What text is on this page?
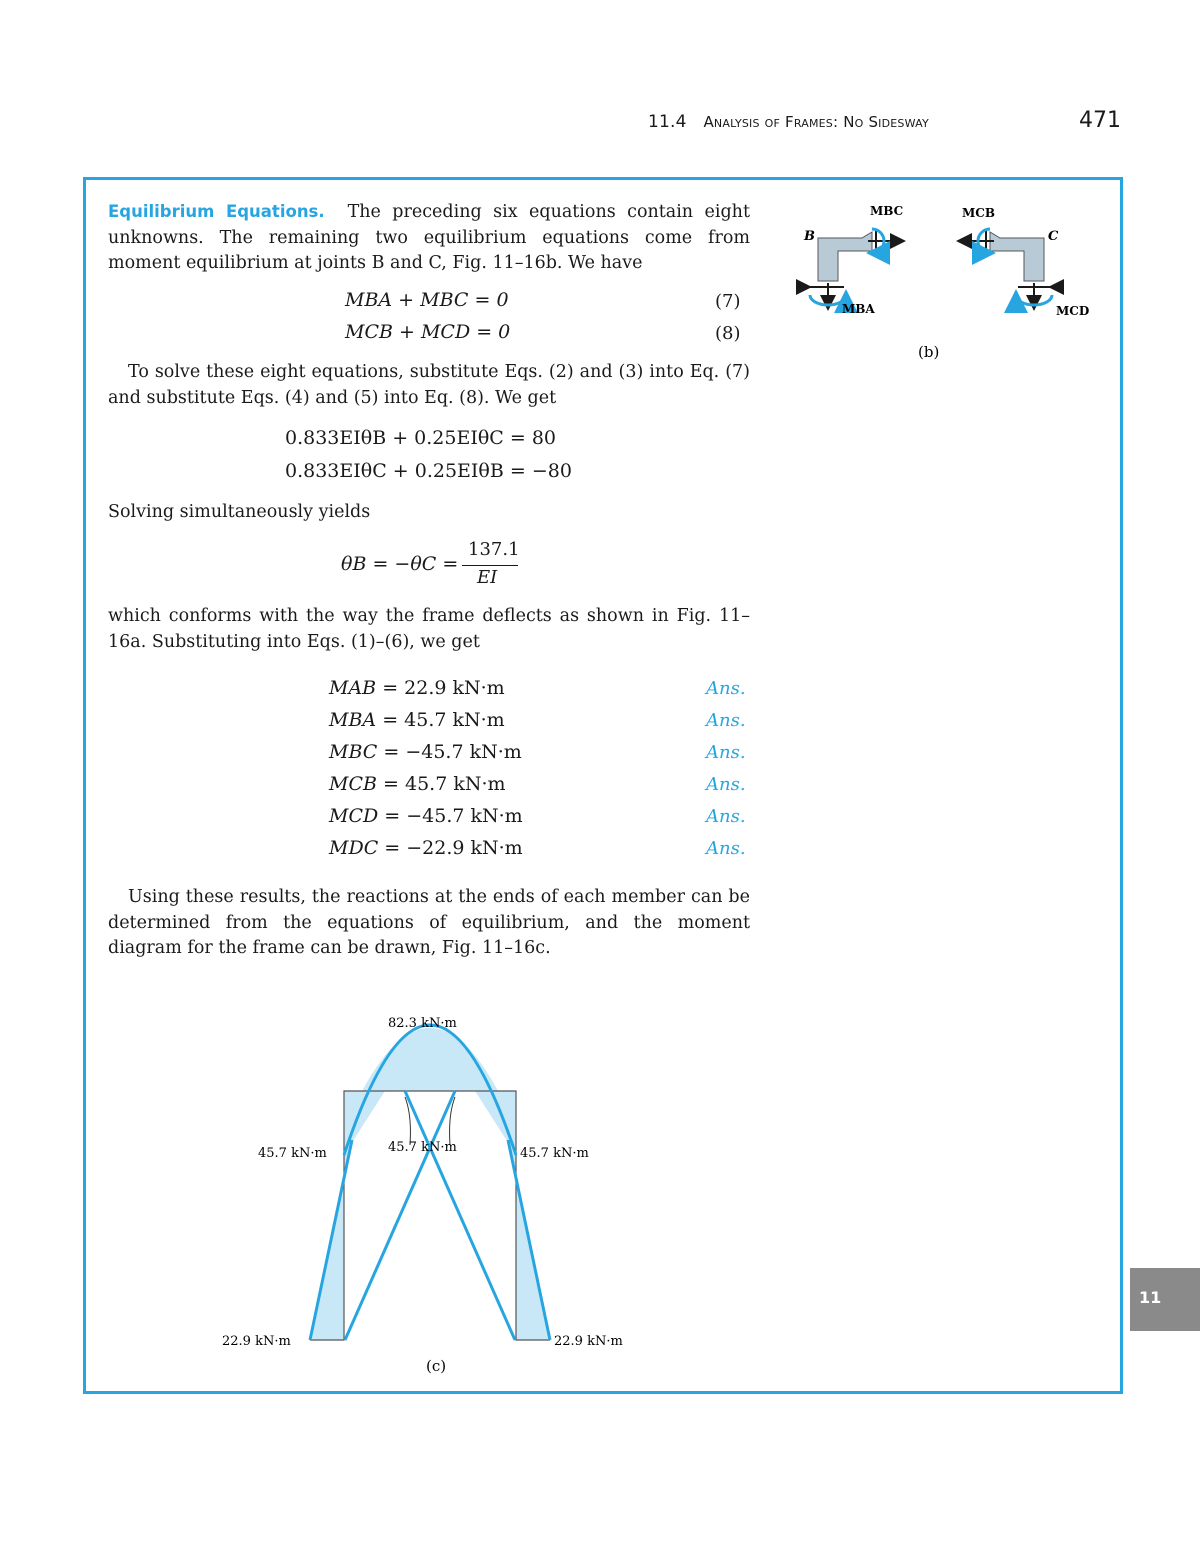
11.4 Analysis of Frames: No Sidesway	471
Equilibrium Equations. The preceding six equations contain eight unknowns. The remaining two equilibrium equations come from moment equilibrium at joints B and C, Fig. 11–16b. We have
MBA + MBC = 0	(7)
MCB + MCD = 0	(8)
To solve these eight equations, substitute Eqs. (2) and (3) into Eq. (7) and substitute Eqs. (4) and (5) into Eq. (8). We get
0.833EIθB + 0.25EIθC = 80
0.833EIθC + 0.25EIθB = −80
Solving simultaneously yields
θB = −θC =
137.1
EI
which conforms with the way the frame deflects as shown in Fig. 11–16a. Substituting into Eqs. (1)–(6), we get
MAB = 22.9 kN·m	Ans.
MBA = 45.7 kN·m	Ans.
MBC = −45.7 kN·m	Ans.
MCB = 45.7 kN·m	Ans.
MCD = −45.7 kN·m	Ans.
MDC = −22.9 kN·m	Ans.
Using these results, the reactions at the ends of each member can be determined from the equations of equilibrium, and the moment diagram for the frame can be drawn, Fig. 11–16c.
B
MBC
MBA
C
MCB
MCD
(b)
82.3 kN·m
45.7 kN·m	45.7 kN·m	45.7 kN·m
22.9 kN·m	22.9 kN·m
(c)
11
